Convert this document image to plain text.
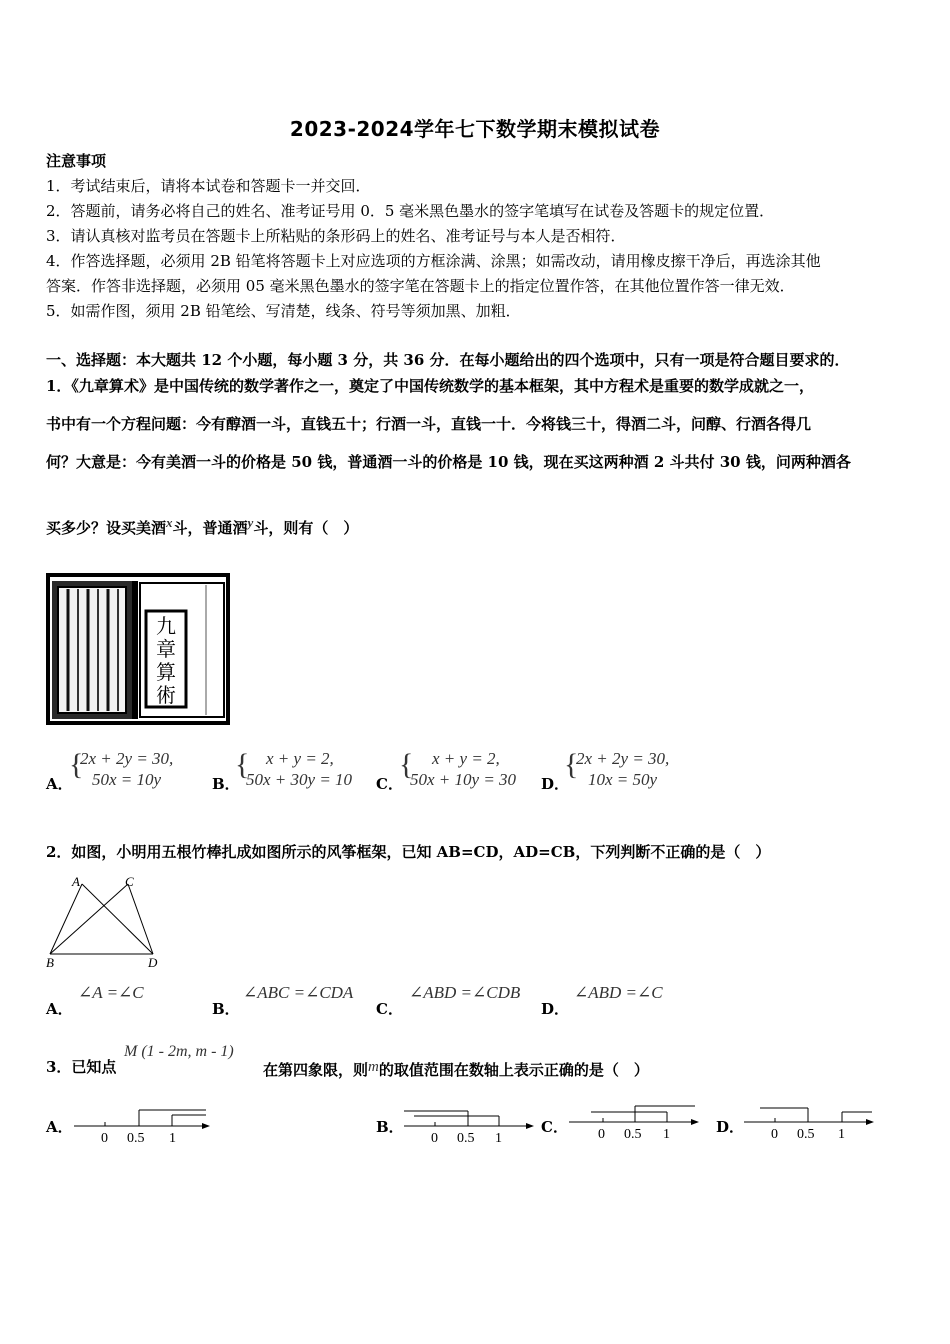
2023-2024学年七下数学期末模拟试卷
注意事项
1．考试结束后，请将本试卷和答题卡一并交回．
2．答题前，请务必将自己的姓名、准考证号用 0．5 毫米黑色墨水的签字笔填写在试卷及答题卡的规定位置．
3．请认真核对监考员在答题卡上所粘贴的条形码上的姓名、准考证号与本人是否相符．
4．作答选择题，必须用 2B 铅笔将答题卡上对应选项的方框涂满、涂黑；如需改动，请用橡皮擦干净后，再选涂其他
答案．作答非选择题，必须用 05 毫米黑色墨水的签字笔在答题卡上的指定位置作答，在其他位置作答一律无效．
5．如需作图，须用 2B 铅笔绘、写清楚，线条、符号等须加黑、加粗．
一、选择题：本大题共 12 个小题，每小题 3 分，共 36 分．在每小题给出的四个选项中，只有一项是符合题目要求的．
1．《九章算术》是中国传统的数学著作之一，奠定了中国传统数学的基本框架，其中方程术是重要的数学成就之一，
书中有一个方程问题：今有醇酒一斗，直钱五十；行酒一斗，直钱一十．今将钱三十，得酒二斗，问醇、行酒各得几
何？大意是：今有美酒一斗的价格是 50 钱，普通酒一斗的价格是 10 钱，现在买这两种酒 2 斗共付 30 钱，问两种酒各
买多少？设买美酒x斗，普通酒y斗，则有（　）
九
章
算
術
A．
{
2x + 2y = 30,
50x = 10y	B．
{ x + y = 2,
50x + 30y = 10 C．
{ x + y = 2,
50x + 10y = 30 D．
{
2x + 2y = 30,
10x = 50y
2．如图，小明用五根竹棒扎成如图所示的风筝框架，已知 AB=CD，AD=CB，下列判断不正确的是（　）
A	C
B	D
A．
∠A =∠C
B．
∠ABC =∠CDA
C．
∠ABD =∠CDB
D．
∠ABD =∠C
3．已知点
M (1 - 2m, m - 1)
在第四象限，则m的取值范围在数轴上表示正确的是（　）
A．
0 0.5 1
B．
0 0.5 1
C． 0 0.5 1	D． 0 0.5 1
